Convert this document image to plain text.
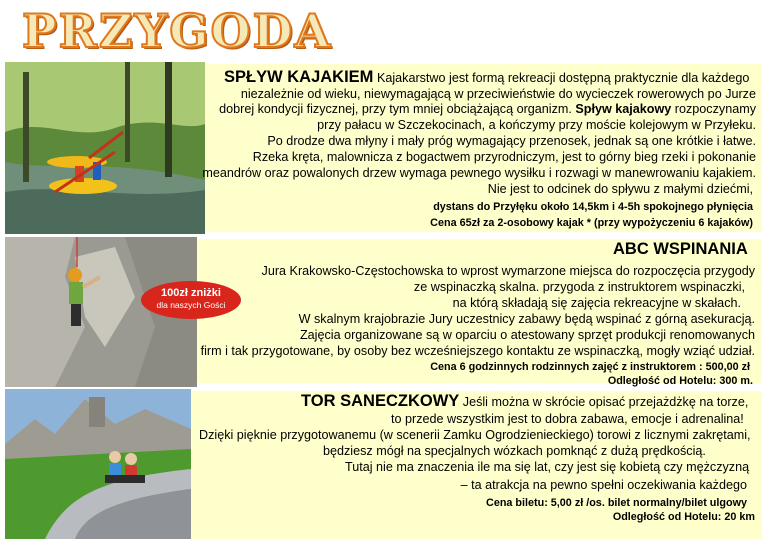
PRZYGODA
SPŁYW KAJAKIEM Kajakarstwo jest formą rekreacji dostępną praktycznie dla każdego
niezależnie od wieku, niewymagającą w przeciwieństwie do wycieczek rowerowych po Jurze
dobrej kondycji fizycznej, przy tym mniej obciążającą organizm. Spływ kajakowy rozpoczynamy
przy pałacu w Szczekocinach, a kończymy przy moście kolejowym w Przyłeku.
Po drodze dwa młyny i mały próg wymagający przenosek, jednak są one krótkie i łatwe.
Rzeka kręta, malownicza z bogactwem przyrodniczym, jest to górny bieg rzeki i pokonanie
meandrów oraz powalonych drzew wymaga pewnego wysiłku i rozwagi w manewrowaniu kajakiem.
Nie jest to odcinek do spływu z małymi dziećmi,
dystans do Przyłęku około 14,5km i 4-5h spokojnego płynięcia
Cena 65zł za 2-osobowy kajak * (przy wypożyczeniu 6 kajaków)
ABC WSPINANIA
100zł zniżki
dla naszych Gości
Jura Krakowsko-Częstochowska to wprost wymarzone miejsca do rozpoczęcia przygody
ze wspinaczką skalna. przygoda z instruktorem wspinaczki,
na którą składają się zajęcia rekreacyjne w skałach.
W skalnym krajobrazie Jury uczestnicy zabawy będą wspinać z górną asekuracją.
Zajęcia organizowane są w oparciu o atestowany sprzęt produkcji renomowanych
firm i tak przygotowane, by osoby bez wcześniejszego kontaktu ze wspinaczką, mogły wziąć udział.
Cena 6 godzinnych rodzinnych zajęć z instruktorem : 500,00 zł
Odległość od Hotelu: 300 m.
TOR SANECZKOWY Jeśli można w skrócie opisać przejażdżkę na torze,
to przede wszystkim jest to dobra zabawa, emocje i adrenalina!
Dzięki pięknie przygotowanemu (w scenerii Zamku Ogrodzienieckiego) torowi z licznymi zakrętami,
będziesz mógł na specjalnych wózkach pomknąć z dużą prędkością.
Tutaj nie ma znaczenia ile ma się lat, czy jest się kobietą czy mężczyzną
– ta atrakcja na pewno spełni oczekiwania każdego
Cena biletu: 5,00 zł /os. bilet normalny/bilet ulgowy
Odległość od Hotelu: 20 km
